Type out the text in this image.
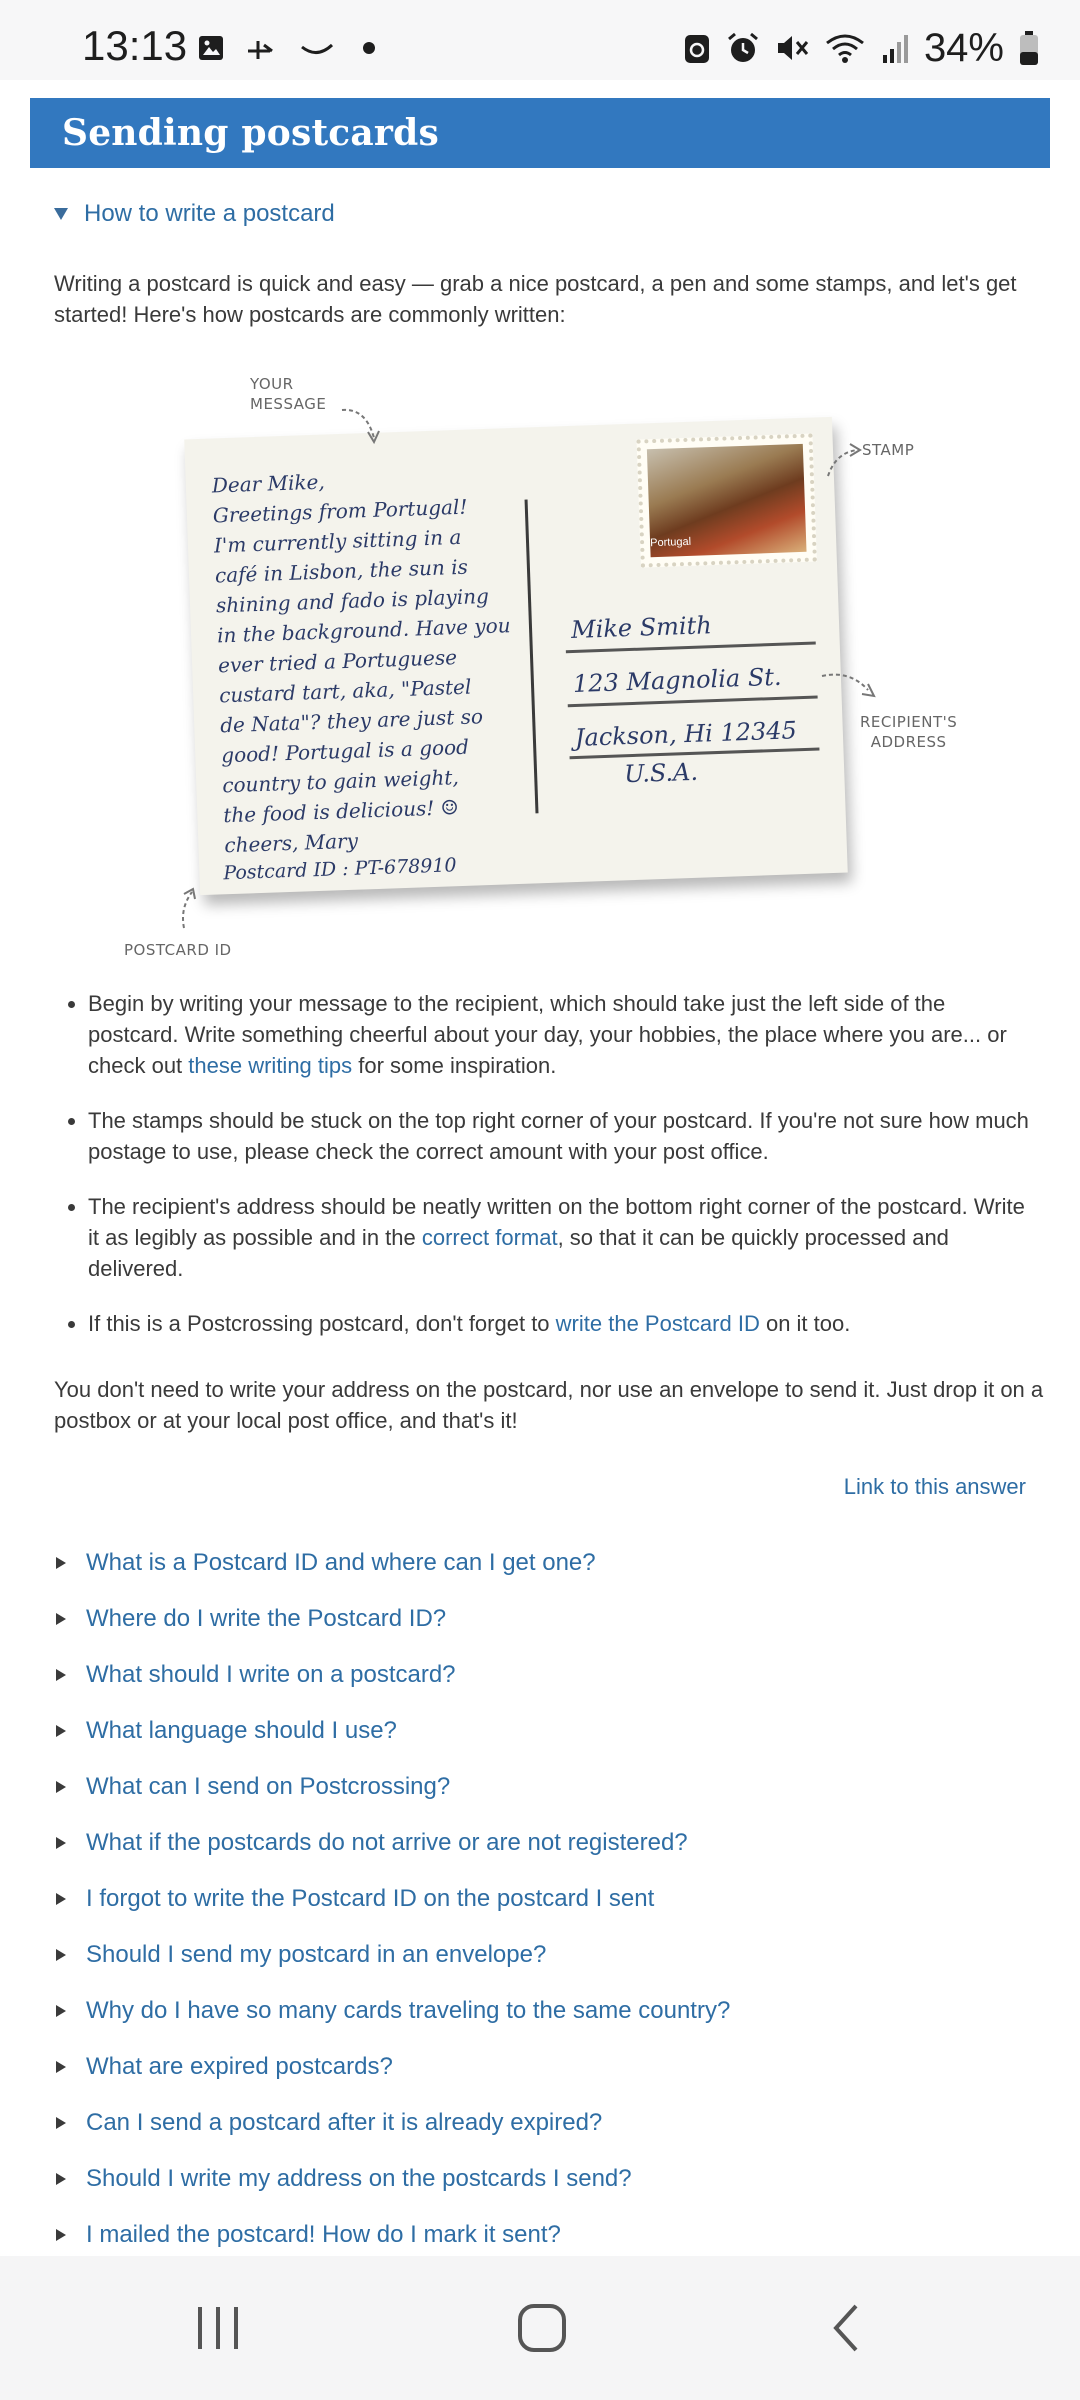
13:13	34%
Sending postcards
How to write a postcard

Writing a postcard is quick and easy — grab a nice postcard, a pen and some stamps, and let's get started! Here's how postcards are commonly written:

Dear Mike,
Greetings from Portugal!
I'm currently sitting in a
café in Lisbon, the sun is
shining and fado is playing
in the background. Have you
ever tried a Portuguese
custard tart, aka, "Pastel
de Nata"? they are just so
good! Portugal is a good
country to gain weight,
the food is delicious! ☺
cheers, Mary
Portugal
Mike Smith
123 Magnolia St.
Jackson, Hi 12345
U.S.A.
Postcard ID : PT-678910
YOUR
MESSAGE
STAMP
RECIPIENT'S
ADDRESS
POSTCARD ID
Begin by writing your message to the recipient, which should take just the left side of the postcard. Write something cheerful about your day, your hobbies, the place where you are... or check out these writing tips for some inspiration.
The stamps should be stuck on the top right corner of your postcard. If you're not sure how much postage to use, please check the correct amount with your post office.
The recipient's address should be neatly written on the bottom right corner of the postcard. Write it as legibly as possible and in the correct format, so that it can be quickly processed and delivered.
If this is a Postcrossing postcard, don't forget to write the Postcard ID on it too.

You don't need to write your address on the postcard, nor use an envelope to send it. Just drop it on a postbox or at your local post office, and that's it!

Link to this answer
What is a Postcard ID and where can I get one?
Where do I write the Postcard ID?
What should I write on a postcard?
What language should I use?
What can I send on Postcrossing?
What if the postcards do not arrive or are not registered?
I forgot to write the Postcard ID on the postcard I sent
Should I send my postcard in an envelope?
Why do I have so many cards traveling to the same country?
What are expired postcards?
Can I send a postcard after it is already expired?
Should I write my address on the postcards I send?
I mailed the postcard! How do I mark it sent?
